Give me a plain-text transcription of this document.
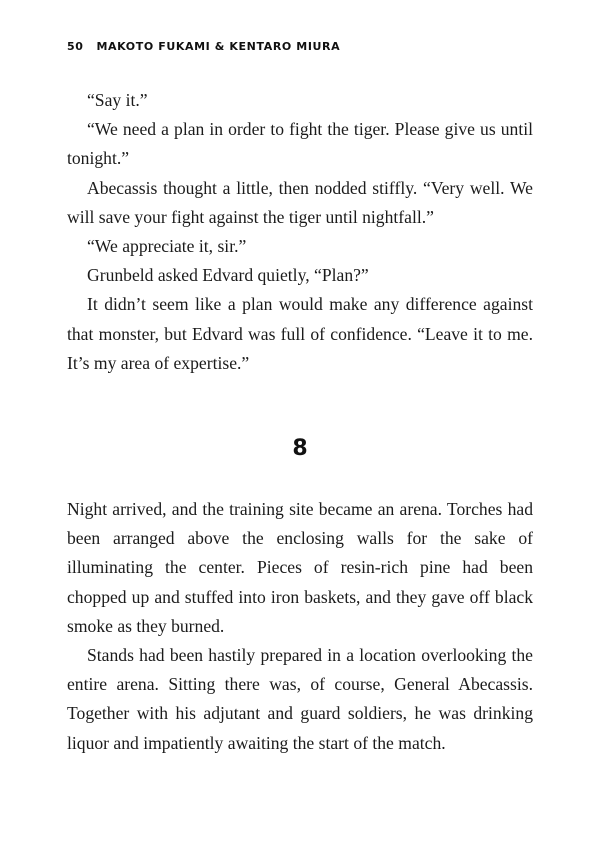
50 MAKOTO FUKAMI & KENTARO MIURA

“Say it.”

“We need a plan in order to fight the tiger. Please give us until tonight.”

Abecassis thought a little, then nodded stiffly. “Very well. We will save your fight against the tiger until nightfall.”

“We appreciate it, sir.”

Grunbeld asked Edvard quietly, “Plan?”

It didn’t seem like a plan would make any difference against that monster, but Edvard was full of confidence. “Leave it to me. It’s my area of expertise.”

8

Night arrived, and the training site became an arena. Torches had been arranged above the enclosing walls for the sake of illuminating the center. Pieces of resin-rich pine had been chopped up and stuffed into iron baskets, and they gave off black smoke as they burned.

Stands had been hastily prepared in a location overlooking the entire arena. Sitting there was, of course, General Abecassis. Together with his adjutant and guard soldiers, he was drinking liquor and impatiently awaiting the start of the match.
